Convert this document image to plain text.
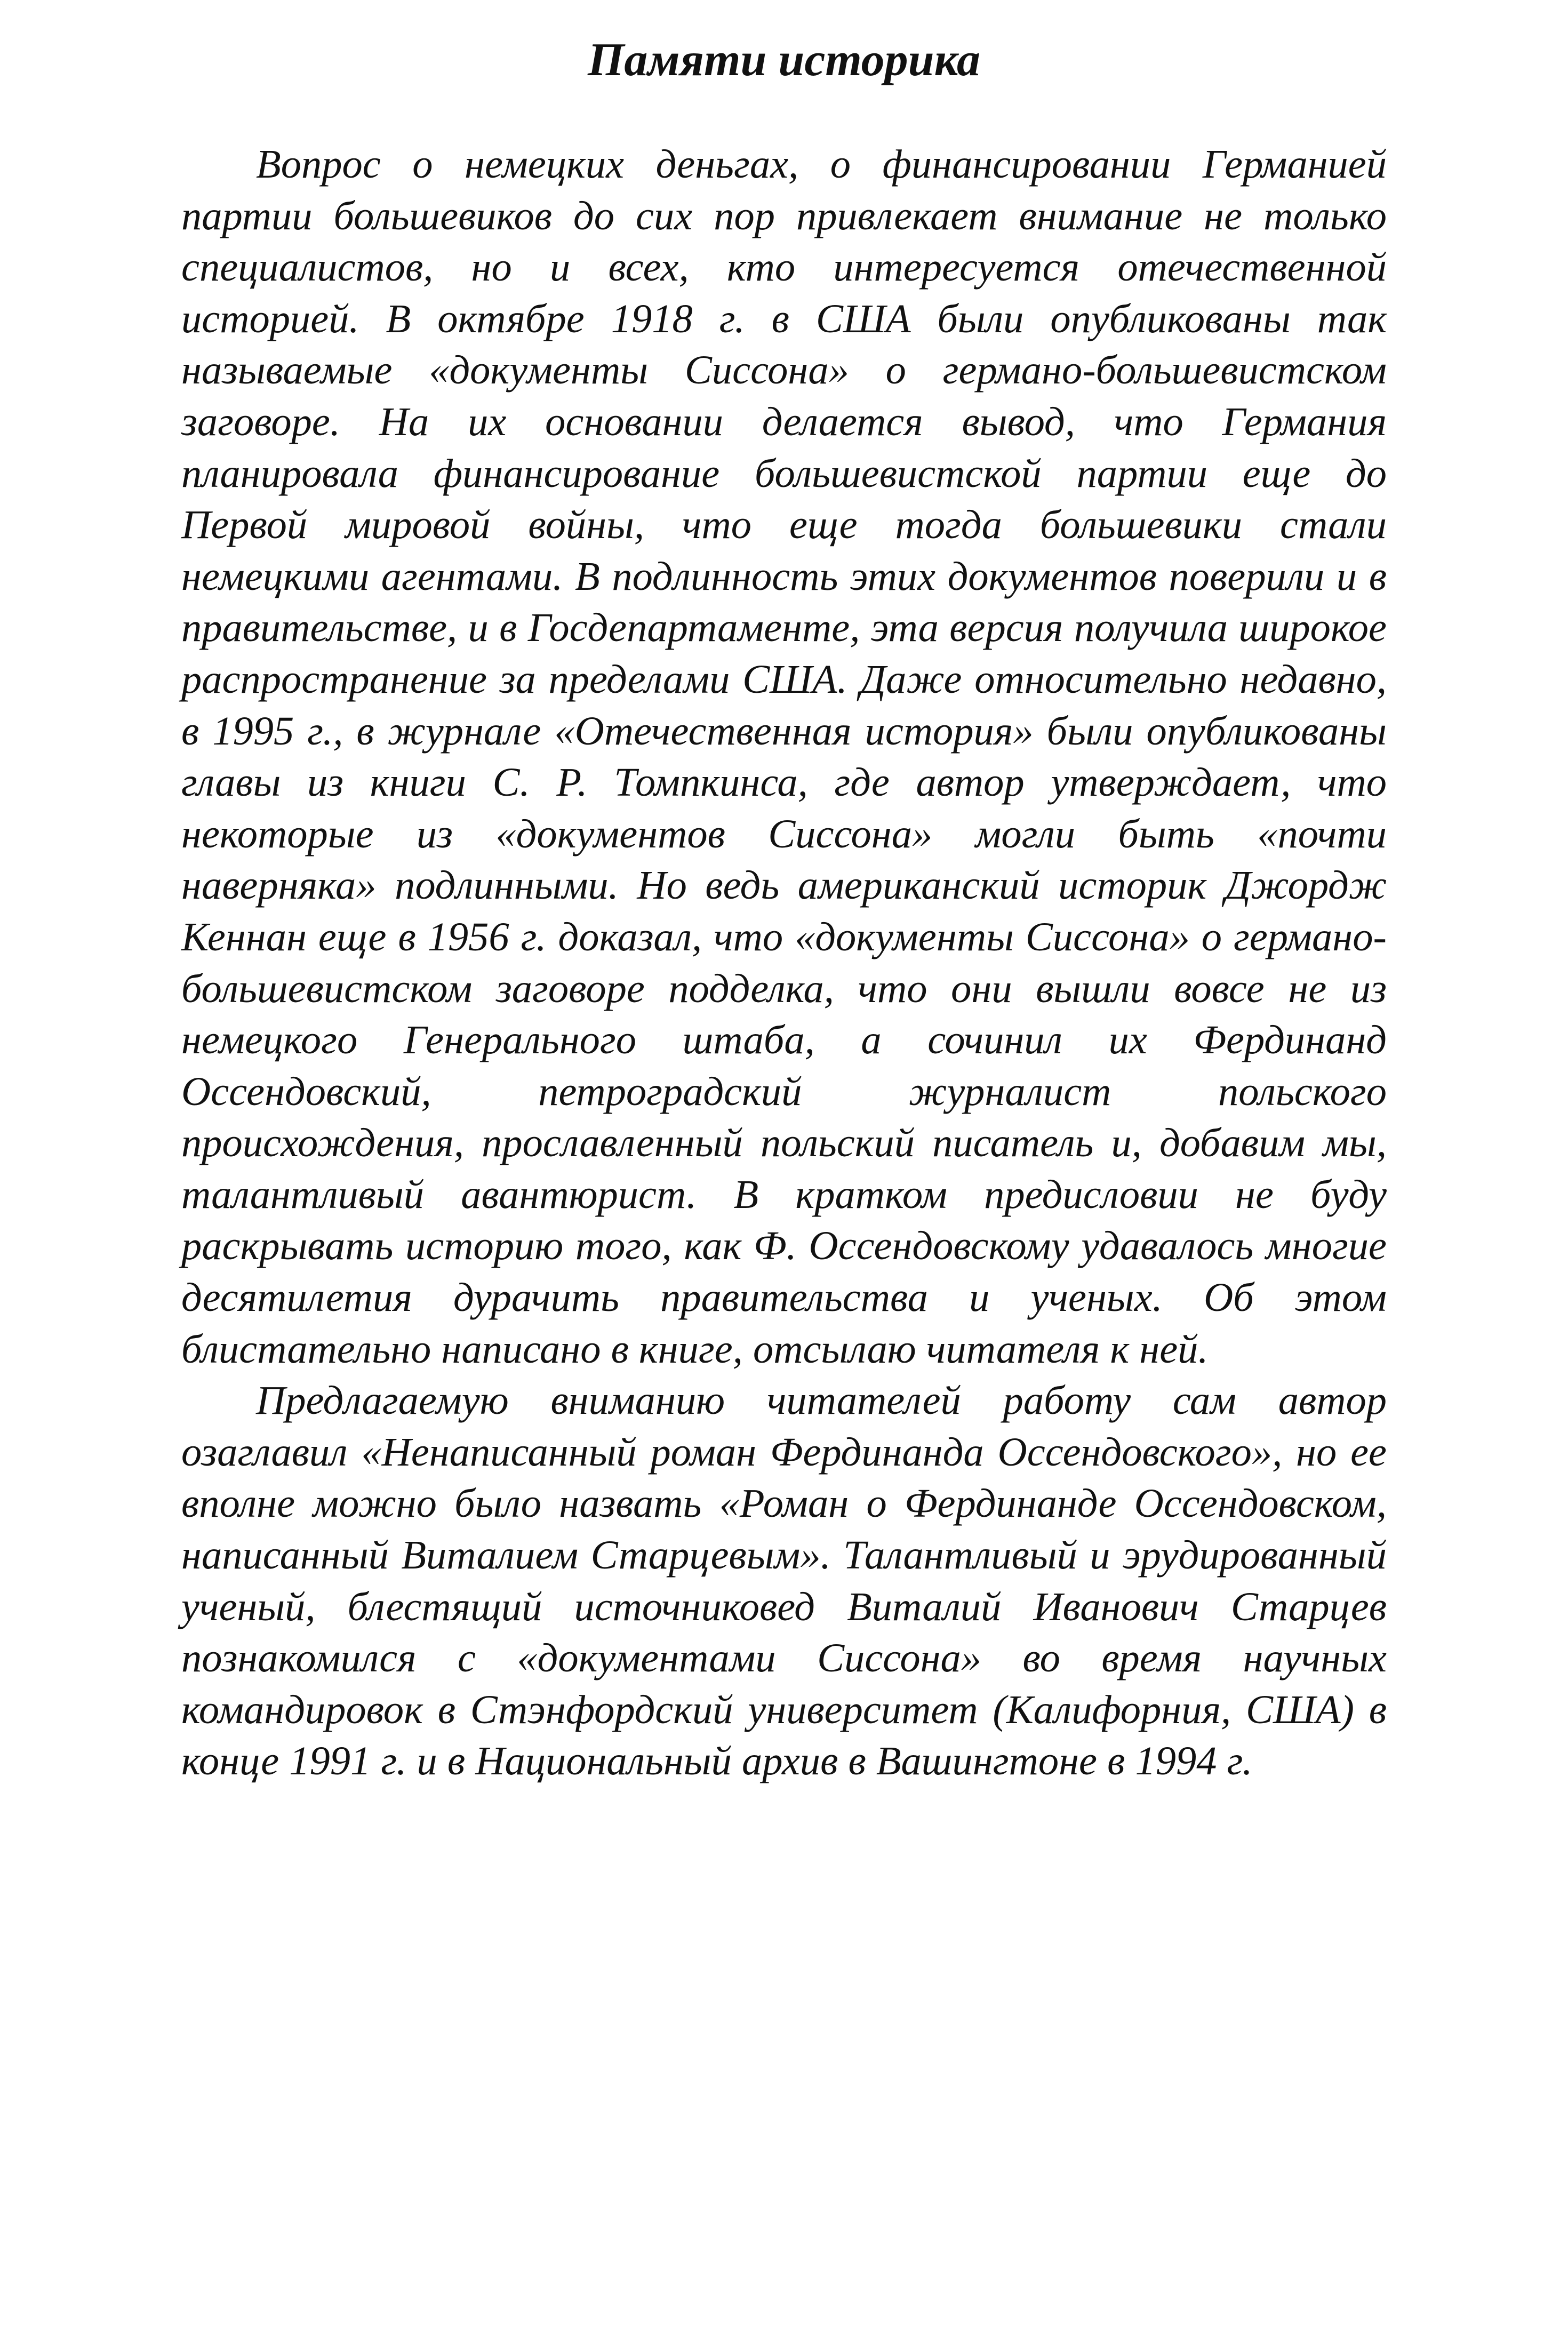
Памяти историка

Вопрос о немецких деньгах, о финансировании Германией партии большевиков до сих пор привлекает внимание не только специалистов, но и всех, кто интересуется отечественной историей. В октябре 1918 г. в США были опубликованы так называемые «документы Сиссона» о германо-большевистском заговоре. На их основании делается вывод, что Германия планировала финансирование большевистской партии еще до Первой мировой войны, что еще тогда большевики стали немецкими агентами. В подлинность этих документов поверили и в правительстве, и в Госдепартаменте, эта версия получила широкое распространение за пределами США. Даже относительно недавно, в 1995 г., в журнале «Отечественная история» были опубликованы главы из книги С. Р. Томпкинса, где автор утверждает, что некоторые из «документов Сиссона» могли быть «почти наверняка» подлинными. Но ведь американский историк Джордж Кеннан еще в 1956 г. доказал, что «документы Сиссона» о германо-большевистском заговоре подделка, что они вышли вовсе не из немецкого Генерального штаба, а сочинил их Фердинанд Оссендовский, петроградский журналист польского происхождения, прославленный польский писатель и, добавим мы, талантливый авантюрист. В кратком предисловии не буду раскрывать историю того, как Ф. Оссендовскому удавалось многие десятилетия дурачить правительства и ученых. Об этом блистательно написано в книге, отсылаю читателя к ней.

Предлагаемую вниманию читателей работу сам автор озаглавил «Ненаписанный роман Фердинанда Оссендовского», но ее вполне можно было назвать «Роман о Фердинанде Оссендовском, написанный Виталием Старцевым». Талантливый и эрудированный ученый, блестящий источниковед Виталий Иванович Старцев познакомился с «документами Сиссона» во время научных командировок в Стэнфордский университет (Калифорния, США) в конце 1991 г. и в Национальный архив в Вашингтоне в 1994 г.
